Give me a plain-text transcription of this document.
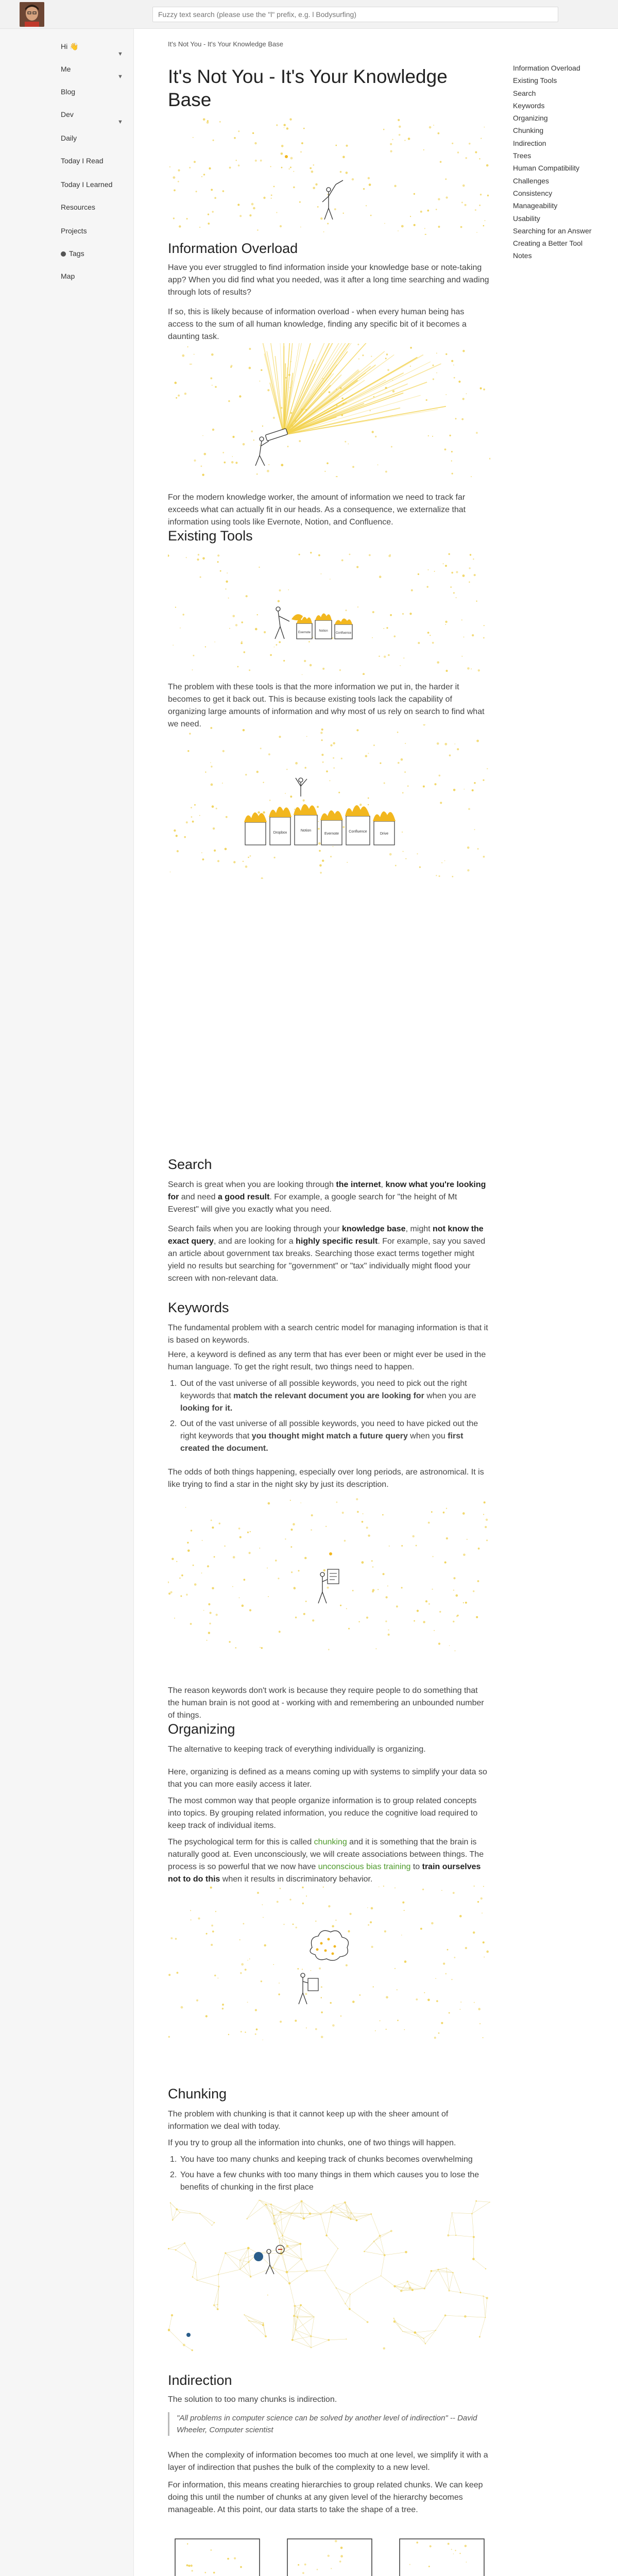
Fuzzy text search (please use the "l" prefix, e.g. l Bodysurfing)
Hi 👋
▼
Me
▼
Blog
Dev
▼
Daily
Today I Read
Today I Learned
Resources
Projects
Tags
Map
Information Overload
Existing Tools
Search
Keywords
Organizing
Chunking
Indirection
Trees
Human Compatibility
Challenges
Consistency
Manageability
Usability
Searching for an Answer
Creating a Better Tool
Notes
It's Not You - It's Your Knowledge Base
It's Not You - It's Your Knowledge Base
Information Overload

Have you ever struggled to find information inside your knowledge base or note-taking app? When you did find what you needed, was it after a long time searching and wading through lots of results?

If so, this is likely because of information overload - when every human being has access to the sum of all human knowledge, finding any specific bit of it becomes a daunting task.

For the modern knowledge worker, the amount of information we need to track far exceeds what can actually fit in our heads. As a consequence, we externalize that information using tools like Evernote, Notion, and Confluence.

Existing Tools
Evernote	Notion
Confluence

The problem with these tools is that the more information we put in, the harder it becomes to get it back out. This is because existing tools lack the capability of organizing large amounts of information and why most of us rely on search to find what we need.

Dropbox
Notion
Evernote
Confluence
Drive
Search

Search is great when you are looking through the internet, know what you're looking for and need a good result. For example, a google search for "the height of Mt Everest" will give you exactly what you need.

Search fails when you are looking through your knowledge base, might not know the exact query, and are looking for a highly specific result. For example, say you saved an article about government tax breaks. Searching those exact terms together might yield no results but searching for "government" or "tax" individually might flood your screen with non-relevant data.

Keywords

The fundamental problem with a search centric model for managing information is that it is based on keywords.

Here, a keyword is defined as any term that has ever been or might ever be used in the human language. To get the right result, two things need to happen.

1. Out of the vast universe of all possible keywords, you need to pick out the right keywords that match the relevant document you are looking for when you are looking for it.
2. Out of the vast universe of all possible keywords, you need to have picked out the right keywords that you thought might match a future query when you first created the document.

The odds of both things happening, especially over long periods, are astronomical. It is like trying to find a star in the night sky by just its description.

The reason keywords don't work is because they require people to do something that the human brain is not good at - working with and remembering an unbounded number of things.

Organizing

The alternative to keeping track of everything individually is organizing.

Here, organizing is defined as a means coming up with systems to simplify your data so that you can more easily access it later.

The most common way that people organize information is to group related concepts into topics. By grouping related information, you reduce the cognitive load required to keep track of individual items.

The psychological term for this is called chunking and it is something that the brain is naturally good at. Even unconsciously, we will create associations between things. The process is so powerful that we now have unconscious bias training to train ourselves not to do this when it results in discriminatory behavior.

Chunking

The problem with chunking is that it cannot keep up with the sheer amount of information we deal with today.

If you try to group all the information into chunks, one of two things will happen.

1. You have too many chunks and keeping track of chunks becomes overwhelming
2. You have a few chunks with too many things in them which causes you to lose the benefits of chunking in the first place
Indirection

The solution to too many chunks is indirection.

"All problems in computer science can be solved by another level of indirection" -- David Wheeler, Computer scientist

When the complexity of information becomes too much at one level, we simplify it with a layer of indirection that pushes the bulk of the complexity to a new level.

For information, this means creating hierarchies to group related chunks. We can keep doing this until the number of chunks at any given level of the hierarchy becomes manageable. At this point, our data starts to take the shape of a tree.
